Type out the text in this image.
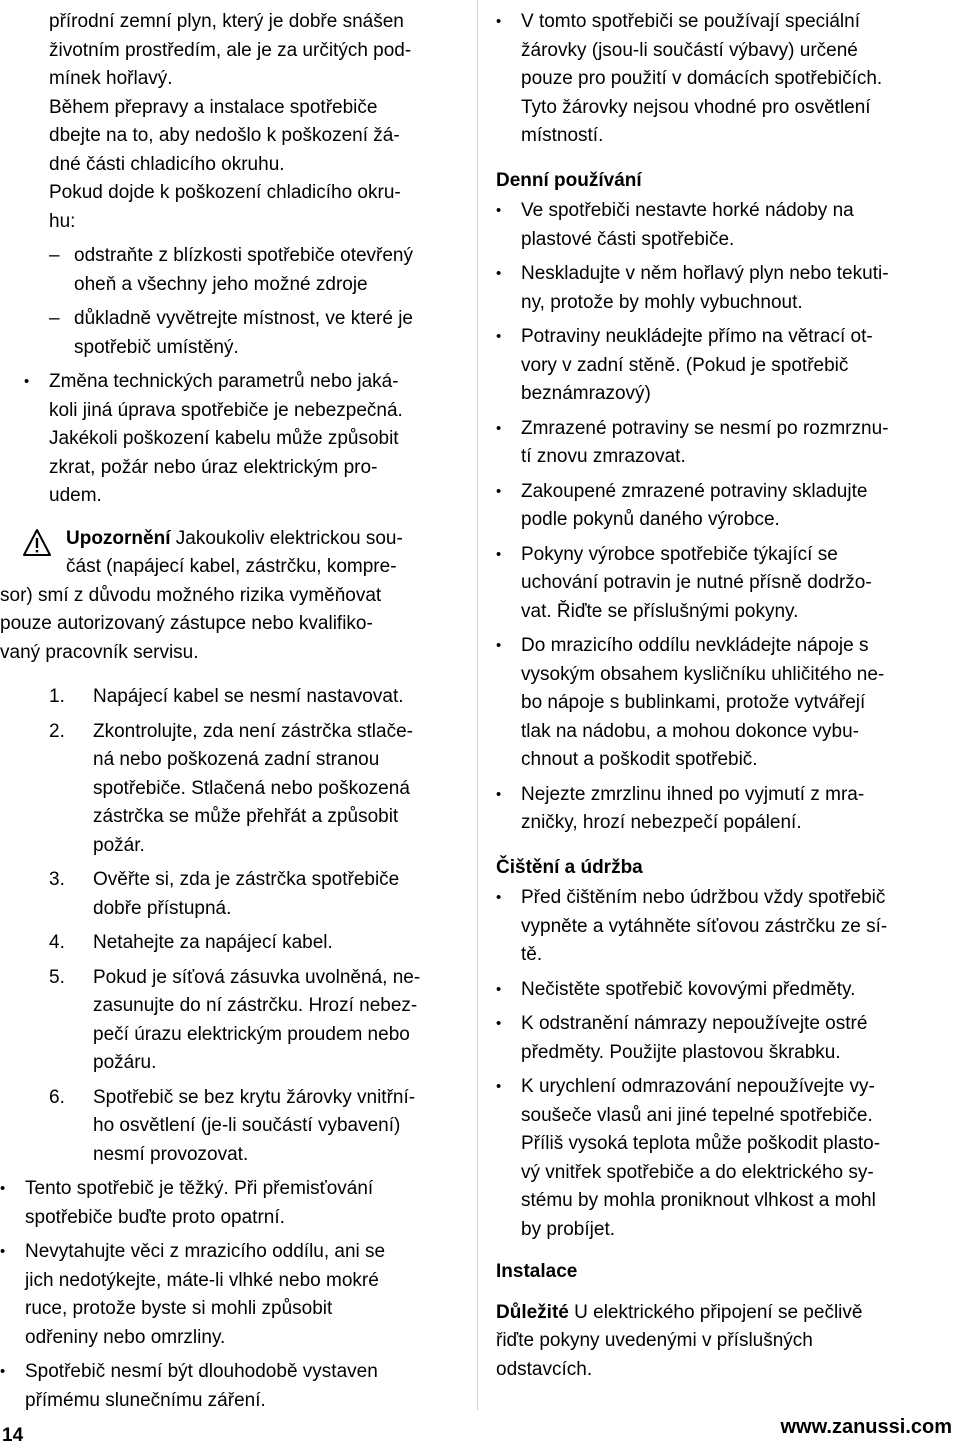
přírodní zemní plyn, který je dobře snášen
životním prostředím, ale je za určitých pod-
mínek hořlavý.

Během přepravy a instalace spotřebiče
dbejte na to, aby nedošlo k poškození žá-
dné části chladicího okruhu.

Pokud dojde k poškození chladicího okru-
hu:

– odstraňte z blízkosti spotřebiče otevřený
oheň a všechny jeho možné zdroje
– důkladně vyvětrejte místnost, ve které je
spotřebič umístěný.
• Změna technických parametrů nebo jaká-
koli jiná úprava spotřebiče je nebezpečná.
Jakékoli poškození kabelu může způsobit
zkrat, požár nebo úraz elektrickým pro-
udem.
Upozornění Jakoukoliv elektrickou sou-
část (napájecí kabel, zástrčku, kompre-
sor) smí z důvodu možného rizika vyměňovat
pouze autorizovaný zástupce nebo kvalifiko-
vaný pracovník servisu.
1. Napájecí kabel se nesmí nastavovat.
2. Zkontrolujte, zda není zástrčka stlače-
ná nebo poškozená zadní stranou
spotřebiče. Stlačená nebo poškozená
zástrčka se může přehřát a způsobit
požár.
3. Ověřte si, zda je zástrčka spotřebiče
dobře přístupná.
4. Netahejte za napájecí kabel.
5. Pokud je síťová zásuvka uvolněná, ne-
zasunujte do ní zástrčku. Hrozí nebez-
pečí úrazu elektrickým proudem nebo
požáru.
6. Spotřebič se bez krytu žárovky vnitřní-
ho osvětlení (je-li součástí vybavení)
nesmí provozovat.
• Tento spotřebič je těžký. Při přemisťování
spotřebiče buďte proto opatrní.
• Nevytahujte věci z mrazicího oddílu, ani se
jich nedotýkejte, máte-li vlhké nebo mokré
ruce, protože byste si mohli způsobit
odřeniny nebo omrzliny.
• Spotřebič nesmí být dlouhodobě vystaven
přímému slunečnímu záření.
• V tomto spotřebiči se používají speciální
žárovky (jsou-li součástí výbavy) určené
pouze pro použití v domácích spotřebičích.
Tyto žárovky nejsou vhodné pro osvětlení
místností.
Denní používání
• Ve spotřebiči nestavte horké nádoby na
plastové části spotřebiče.
• Neskladujte v něm hořlavý plyn nebo tekuti-
ny, protože by mohly vybuchnout.
• Potraviny neukládejte přímo na větrací ot-
vory v zadní stěně. (Pokud je spotřebič
beznámrazový)
• Zmrazené potraviny se nesmí po rozmrznu-
tí znovu zmrazovat.
• Zakoupené zmrazené potraviny skladujte
podle pokynů daného výrobce.
• Pokyny výrobce spotřebiče týkající se
uchování potravin je nutné přísně dodržo-
vat. Řiďte se příslušnými pokyny.
• Do mrazicího oddílu nevkládejte nápoje s
vysokým obsahem kysličníku uhličitého ne-
bo nápoje s bublinkami, protože vytvářejí
tlak na nádobu, a mohou dokonce vybu-
chnout a poškodit spotřebič.
• Nejezte zmrzlinu ihned po vyjmutí z mra-
zničky, hrozí nebezpečí popálení.
Čištění a údržba
• Před čištěním nebo údržbou vždy spotřebič
vypněte a vytáhněte síťovou zástrčku ze sí-
tě.
• Nečistěte spotřebič kovovými předměty.
• K odstranění námrazy nepoužívejte ostré
předměty. Použijte plastovou škrabku.
• K urychlení odmrazování nepoužívejte vy-
soušeče vlasů ani jiné tepelné spotřebiče.
Příliš vysoká teplota může poškodit plasto-
vý vnitřek spotřebiče a do elektrického sy-
stému by mohla proniknout vlhkost a mohl
by probíjet.
Instalace

Důležité U elektrického připojení se pečlivě
řiďte pokyny uvedenými v příslušných
odstavcích.

14	www.zanussi.com
